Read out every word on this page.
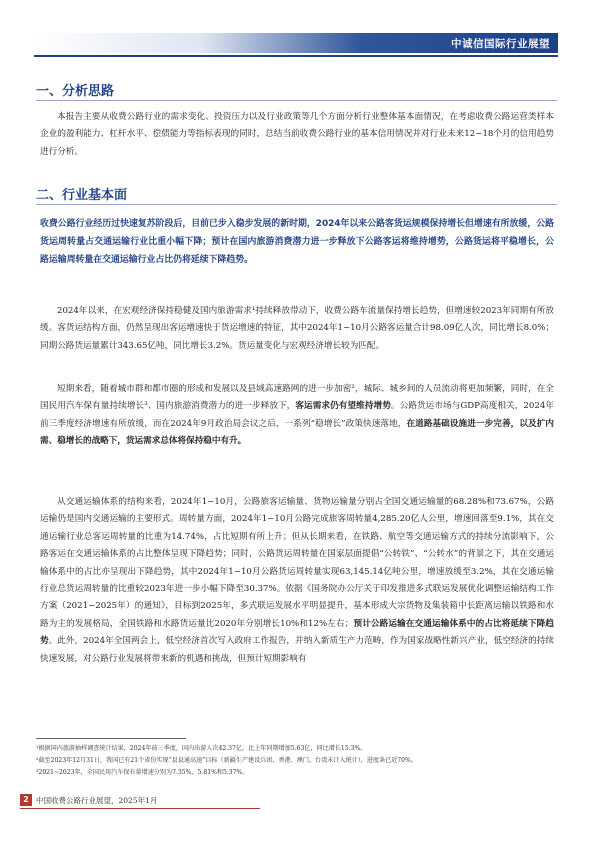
中诚信国际行业展望
一、分析思路

本报告主要从收费公路行业的需求变化、投资压力以及行业政策等几个方面分析行业整体基本面情况，在考虑收费公路运营类样本企业的盈利能力、杠杆水平、偿债能力等指标表现的同时，总结当前收费公路行业的基本信用情况并对行业未来12~18个月的信用趋势进行分析。

二、行业基本面

收费公路行业经历过快速复苏阶段后，目前已步入稳步发展的新时期，2024年以来公路客货运规模保持增长但增速有所放缓，公路货运周转量占交通运输行业比重小幅下降；预计在国内旅游消费潜力进一步释放下公路客运将维持增势，公路货运将平稳增长，公路运输周转量在交通运输行业占比仍将延续下降趋势。

2024年以来，在宏观经济保持稳健及国内旅游需求¹持续释放带动下，收费公路车流量保持增长趋势，但增速较2023年同期有所放缓。客货运结构方面，仍然呈现出客运增速快于货运增速的特征，其中2024年1~10月公路客运量合计98.09亿人次，同比增长8.0%；同期公路货运量累计343.65亿吨，同比增长3.2%。货运量变化与宏观经济增长较为匹配。

短期来看，随着城市群和都市圈的形成和发展以及县域高速路网的进一步加密²，城际、城乡间的人员流动将更加频繁，同时，在全国民用汽车保有量持续增长³、国内旅游消费潜力的进一步释放下，客运需求仍有望维持增势。公路货运市场与GDP高度相关，2024年前三季度经济增速有所放缓，而在2024年9月政治局会议之后，一系列“稳增长”政策快速落地，在道路基础设施进一步完善，以及扩内需、稳增长的战略下，货运需求总体将保持稳中有升。

从交通运输体系的结构来看，2024年1~10月，公路旅客运输量、货物运输量分别占全国交通运输量的68.28%和73.67%，公路运输仍是国内交通运输的主要形式。周转量方面，2024年1~10月公路完成旅客周转量4,285.20亿人公里，增速回落至9.1%，其在交通运输行业总客运周转量的比重为14.74%，占比短期有所上升；但从长期来看，在铁路、航空等交通运输方式的持续分流影响下，公路客运在交通运输体系的占比整体呈现下降趋势；同时，公路货运周转量在国家层面提倡“公转铁”、“公转水”的背景之下，其在交通运输体系中的占比亦呈现出下降趋势，其中2024年1~10月公路货运周转量实现63,145.14亿吨公里，增速放缓至3.2%，其在交通运输行业总货运周转量的比重较2023年进一步小幅下降至30.37%。依据《国务院办公厅关于印发推进多式联运发展优化调整运输结构工作方案（2021~2025年）的通知》，目标到2025年，多式联运发展水平明显提升，基本形成大宗货物及集装箱中长距离运输以铁路和水路为主的发展格局，全国铁路和水路货运量比2020年分别增长10%和12%左右；预计公路运输在交通运输体系中的占比将延续下降趋势。此外，2024年全国两会上，低空经济首次写入政府工作报告，并纳入新质生产力范畴，作为国家战略性新兴产业，低空经济的持续快速发展，对公路行业发展将带来新的机遇和挑战，但预计短期影响有

¹根据国内旅游抽样调查统计结果，2024年前三季度，国内出游人次42.37亿，比上年同期增加5.63亿，同比增长15.3%。

²截至2023年12月31日，我国已有21个省份实现“县县通高速”目标（新疆生产建设兵团、香港、澳门、台湾未计入统计），进度条已近70%。

³2021~2023年，全国民用汽车保有量增速分别为7.35%、5.81%和5.37%。

2 中国收费公路行业展望，2025年1月
